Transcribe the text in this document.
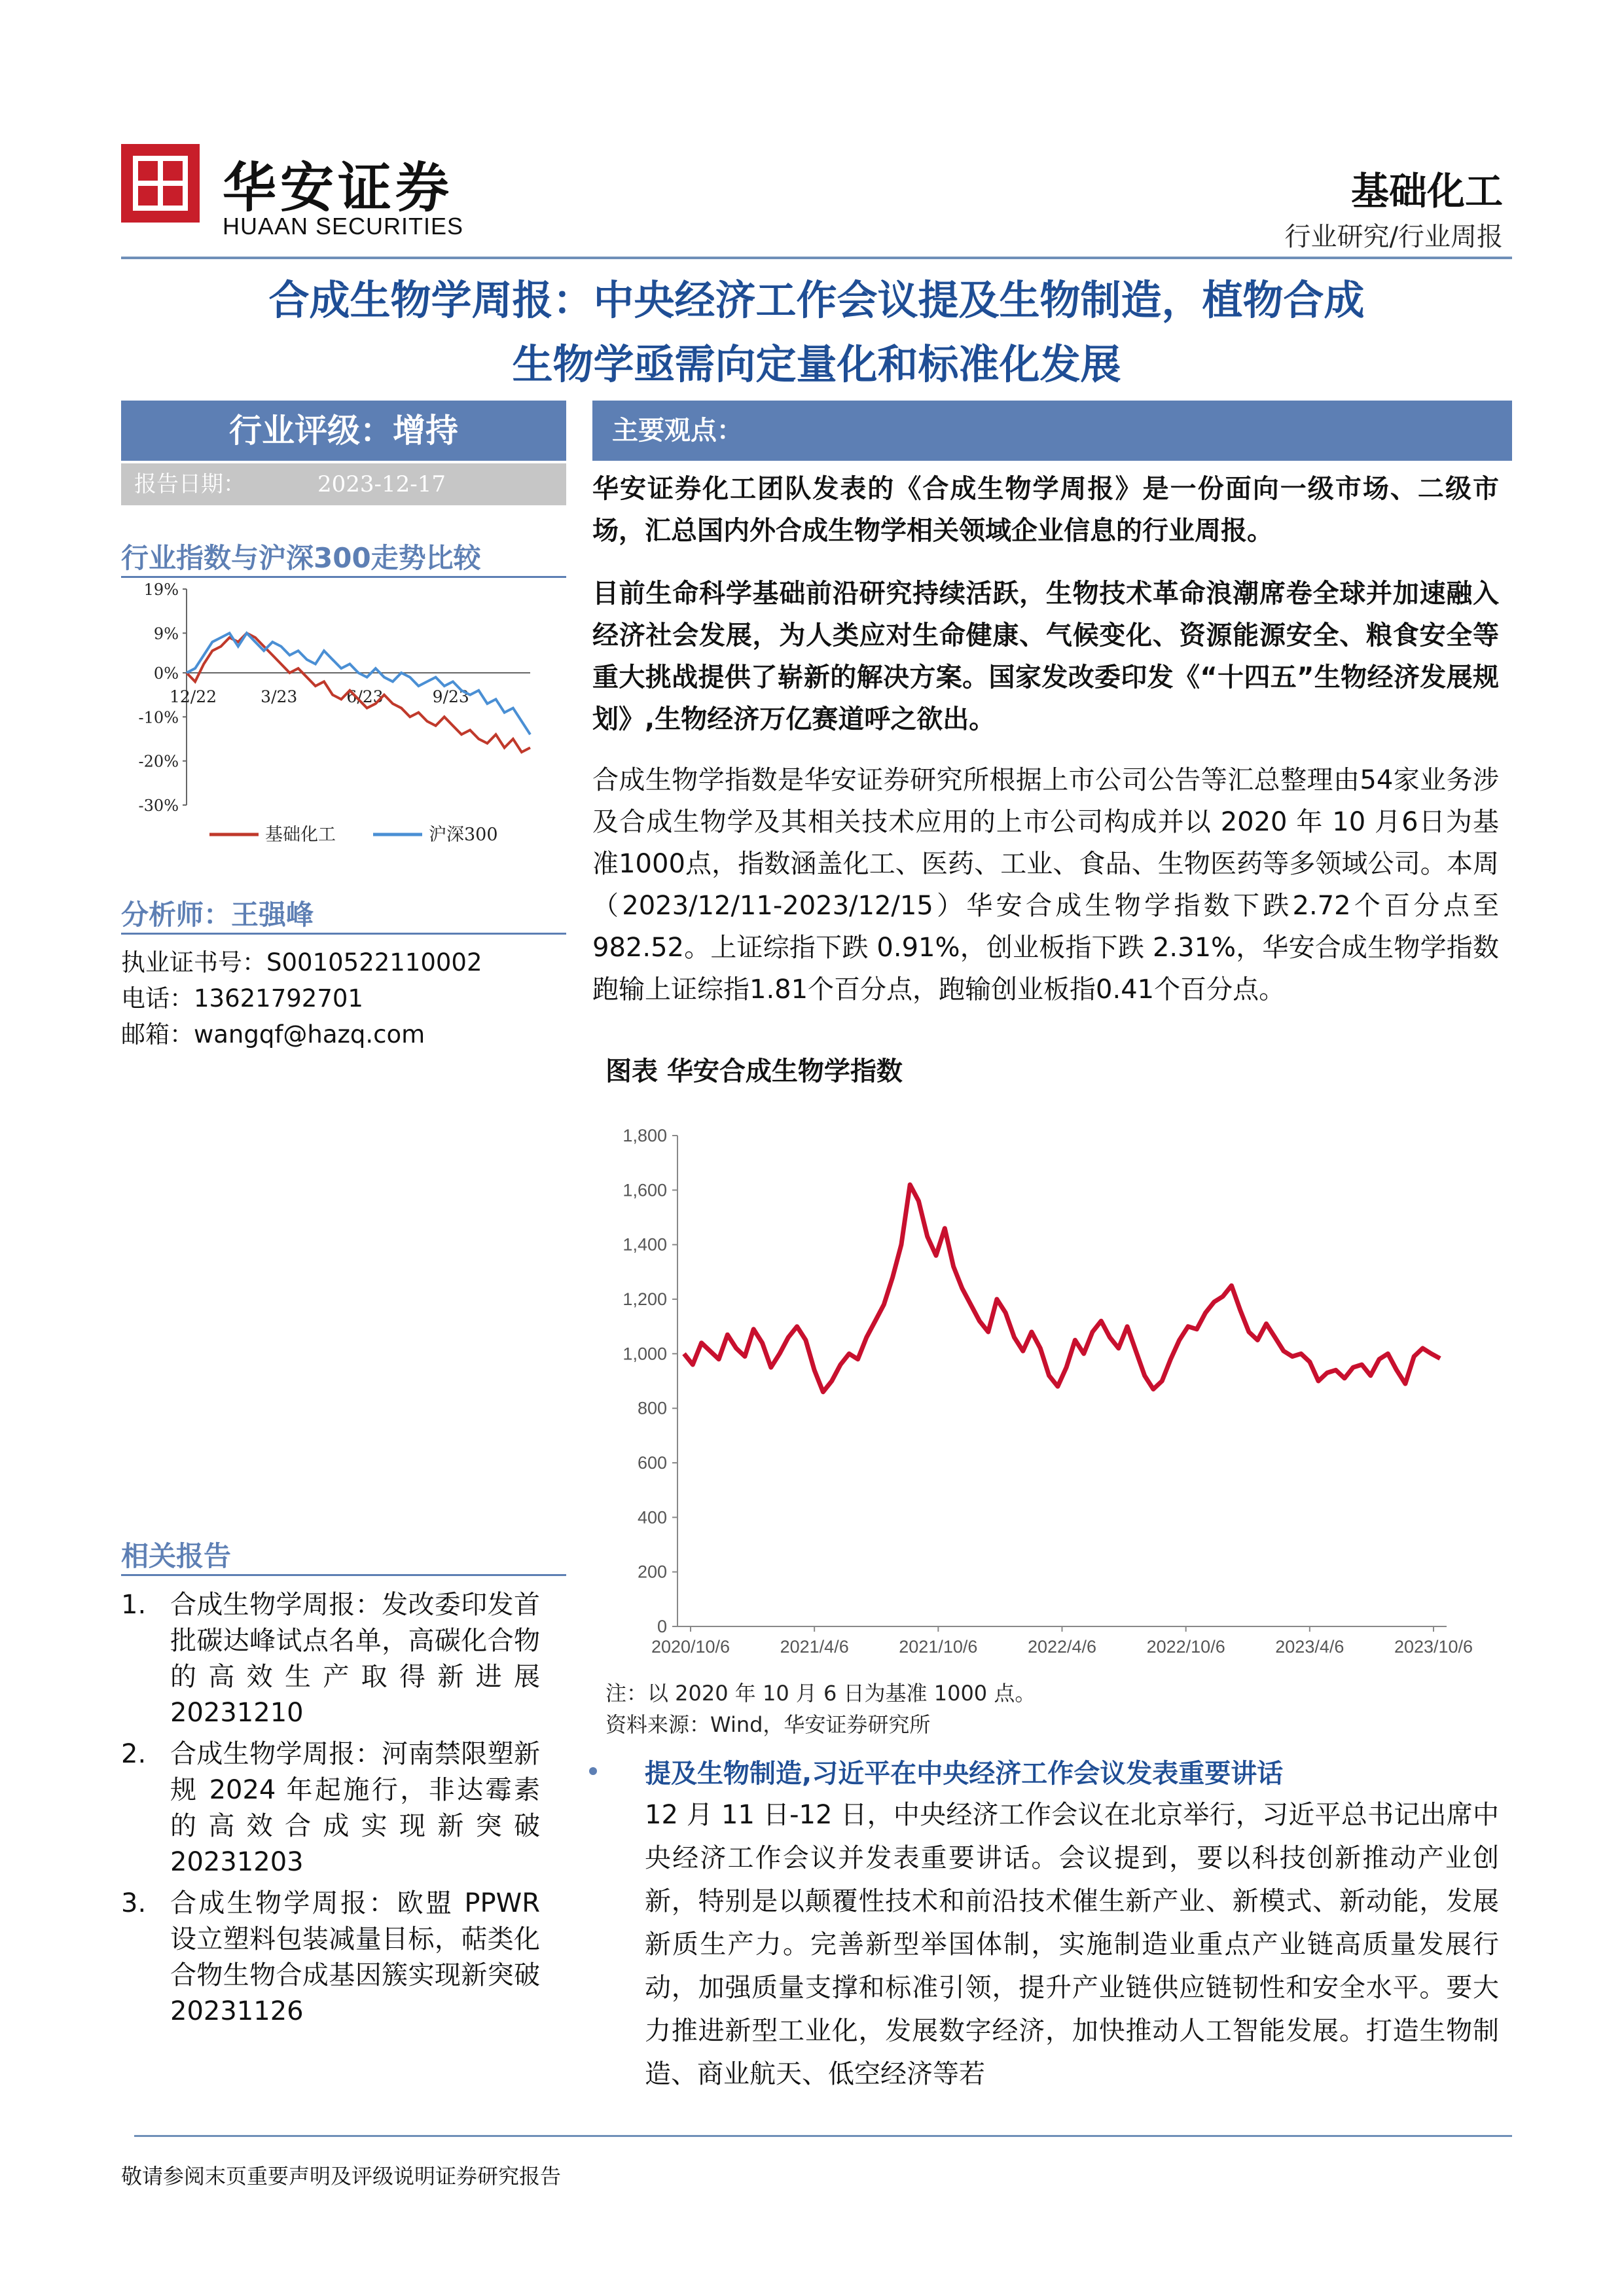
华安证券
HUAAN SECURITIES
基础化工
行业研究/行业周报
合成生物学周报：中央经济工作会议提及生物制造，植物合成
生物学亟需向定量化和标准化发展
行业评级：增持
报告日期：	2023-12-17
行业指数与沪深300走势比较
19%
9%
0%
-10%
-20%
-30%
12/22	3/23	6/23	9/23
基础化工	沪深300
分析师：王强峰
执业证书号：S0010522110002
电话：13621792701
邮箱：wangqf@hazq.com
相关报告
1. 合成生物学周报：发改委印发首批碳达峰试点名单，高碳化合物的高效生产取得新进展 20231210
2. 合成生物学周报：河南禁限塑新规 2024 年起施行，非达霉素的高效合成实现新突破 20231203
3. 合成生物学周报：欧盟 PPWR 设立塑料包装减量目标，萜类化合物生物合成基因簇实现新突破 20231126
主要观点：
华安证券化工团队发表的《合成生物学周报》是一份面向一级市场、二级市场，汇总国内外合成生物学相关领域企业信息的行业周报。
目前生命科学基础前沿研究持续活跃，生物技术革命浪潮席卷全球并加速融入经济社会发展，为人类应对生命健康、气候变化、资源能源安全、粮食安全等重大挑战提供了崭新的解决方案。国家发改委印发《“十四五”生物经济发展规划》,生物经济万亿赛道呼之欲出。
合成生物学指数是华安证券研究所根据上市公司公告等汇总整理由54家业务涉及合成生物学及其相关技术应用的上市公司构成并以 2020 年 10 月6日为基准1000点，指数涵盖化工、医药、工业、食品、生物医药等多领域公司。本周（2023/12/11-2023/12/15）华安合成生物学指数下跌2.72个百分点至982.52。上证综指下跌 0.91%，创业板指下跌 2.31%，华安合成生物学指数跑输上证综指1.81个百分点，跑输创业板指0.41个百分点。
图表 华安合成生物学指数
0
200
400
600
800
1,000
1,200
1,400
1,600
1,800
2020/10/6	2021/4/6	2021/10/6	2022/4/6	2022/10/6	2023/4/6	2023/10/6
注：以 2020 年 10 月 6 日为基准 1000 点。
资料来源：Wind，华安证券研究所
提及生物制造,习近平在中央经济工作会议发表重要讲话
12 月 11 日-12 日，中央经济工作会议在北京举行，习近平总书记出席中央经济工作会议并发表重要讲话。会议提到，要以科技创新推动产业创新，特别是以颠覆性技术和前沿技术催生新产业、新模式、新动能，发展新质生产力。完善新型举国体制，实施制造业重点产业链高质量发展行动，加强质量支撑和标准引领，提升产业链供应链韧性和安全水平。要大力推进新型工业化，发展数字经济，加快推动人工智能发展。打造生物制造、商业航天、低空经济等若
敬请参阅末页重要声明及评级说明证券研究报告
